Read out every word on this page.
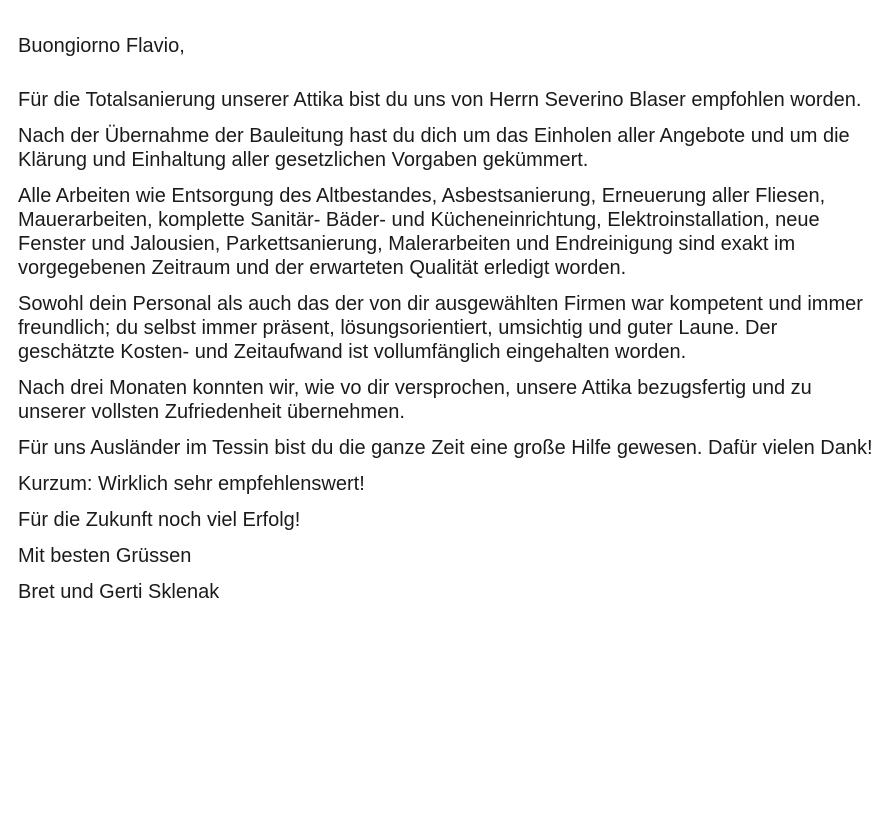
Buongiorno Flavio,

Für die Totalsanierung unserer Attika bist du uns von Herrn Severino Blaser empfohlen worden.

Nach der Übernahme der Bauleitung hast du dich um das Einholen aller Angebote und um die Klärung und Einhaltung aller gesetzlichen Vorgaben gekümmert.

Alle Arbeiten wie Entsorgung des Altbestandes, Asbestsanierung, Erneuerung aller Fliesen, Mauerarbeiten, komplette Sanitär- Bäder- und Kücheneinrichtung, Elektroinstallation, neue Fenster und Jalousien, Parkettsanierung, Malerarbeiten und Endreinigung sind exakt im vorgegebenen Zeitraum und der erwarteten Qualität erledigt worden.

Sowohl dein Personal als auch das der von dir ausgewählten Firmen war kompetent und immer freundlich; du selbst immer präsent, lösungsorientiert, umsichtig und guter Laune. Der geschätzte Kosten- und Zeitaufwand ist vollumfänglich eingehalten worden.

Nach drei Monaten konnten wir, wie vo dir versprochen, unsere Attika bezugsfertig und zu unserer vollsten Zufriedenheit übernehmen.

Für uns Ausländer im Tessin bist du die ganze Zeit eine große Hilfe gewesen. Dafür vielen Dank!

Kurzum: Wirklich sehr empfehlenswert!

Für die Zukunft noch viel Erfolg!

Mit besten Grüssen

Bret und Gerti Sklenak
